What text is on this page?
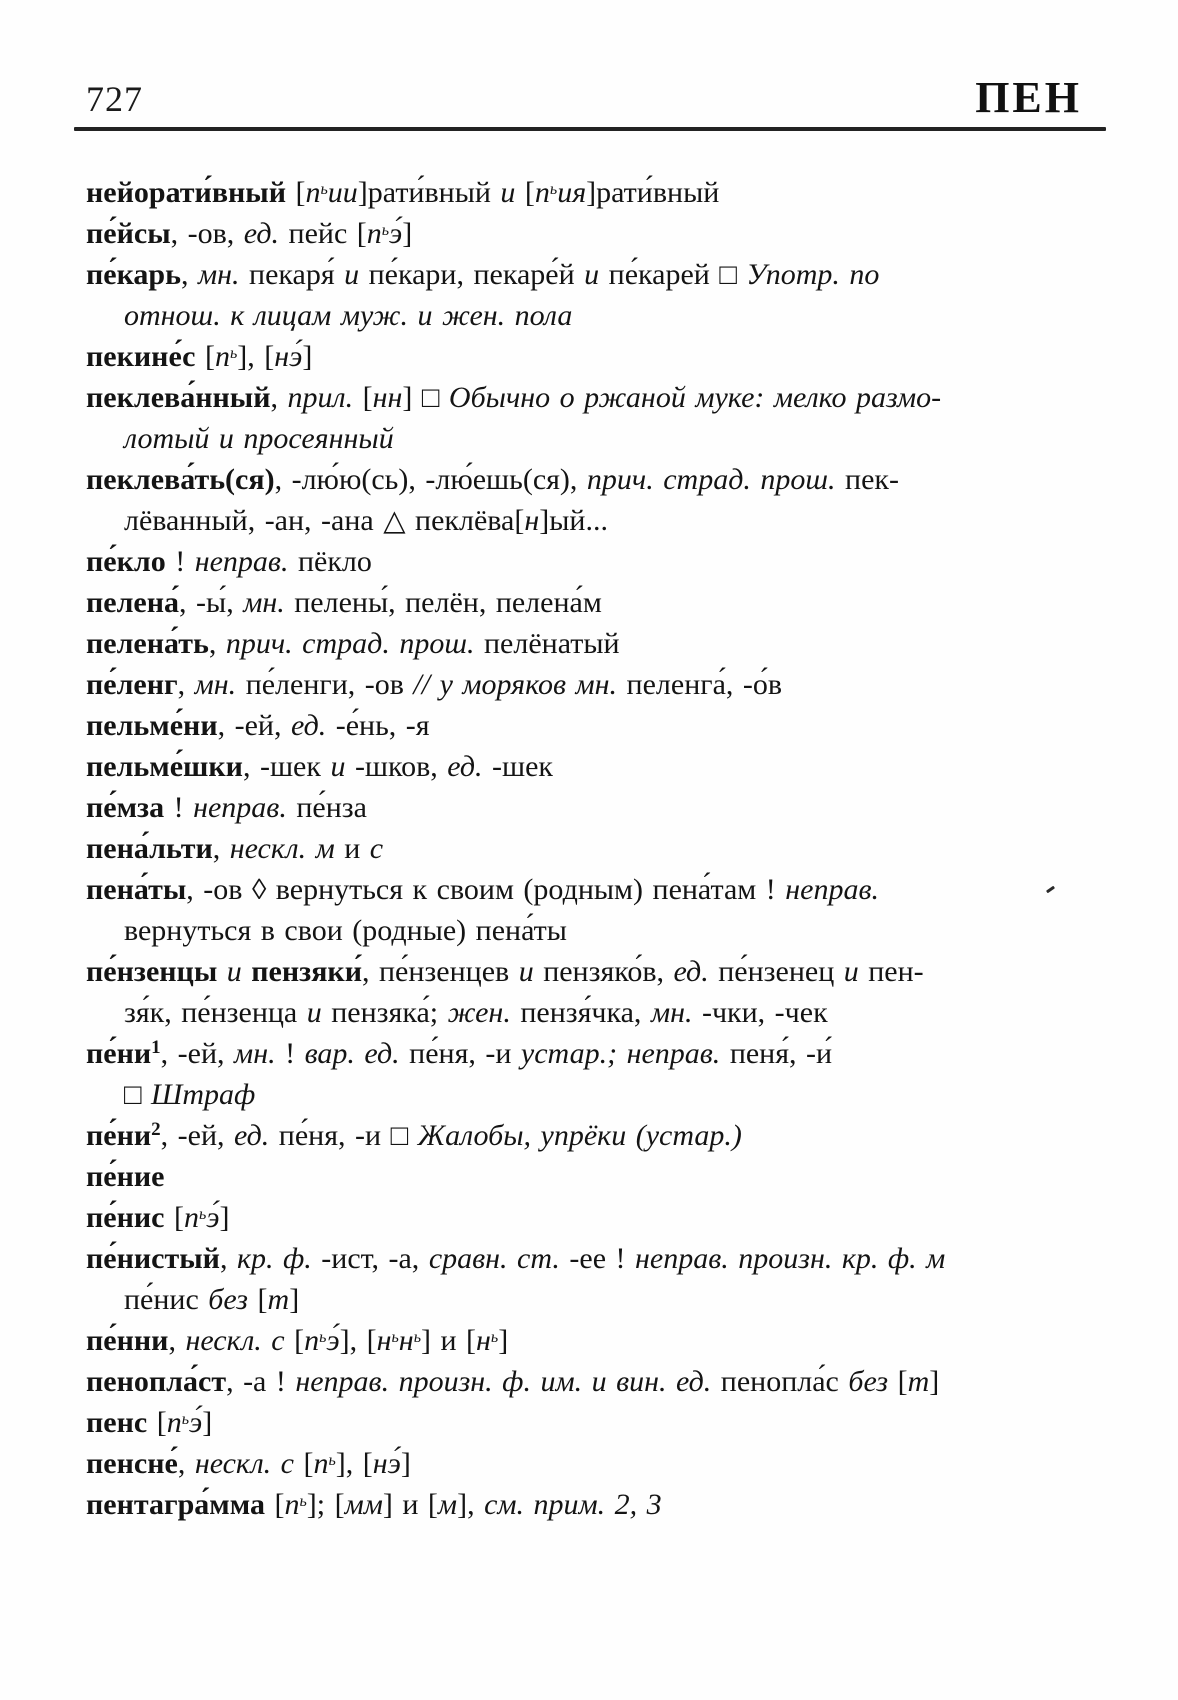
727	ПЕН
нейорати́вный $[п^ьии]рати́вный$ и $[п^ьия]рати́вный$
пе́йсы, -ов, ед. пейс $[п^ьэ́]$
пе́карь, мн. пекаря́ и пе́кари, пекаре́й и пе́карей □ Употр. по
отнош. к лицам муж. и жен. пола
пекине́с $[п^ь]$, [нэ́]
пеклева́нный, прил. [нн] □ Обычно о ржаной муке: мелко размо-
лотый и просеянный
пеклева́ть(ся), -лю́ю(сь), -лю́ешь(ся), прич. страд. прош. пек-
лёванный, -ан, -ана △ пеклёва[н]ый...
пе́кло ! неправ. пёкло
пелена́, -ы́, мн. пелены́, пелён, пелена́м
пелена́ть, прич. страд. прош. пелёнатый
пе́ленг, мн. пе́ленги, -ов // у моряков мн. пеленга́, -о́в
пельме́ни, -ей, ед. -е́нь, -я
пельме́шки, -шек и -шков, ед. -шек
пе́мза ! неправ. пе́нза
пена́льти, нескл. м и с
пена́ты, -ов ◊ вернуться к своим (родным) пена́там ! неправ.
вернуться в свои (родные) пена́ты
пе́нзенцы и пензяки́, пе́нзенцев и пензяко́в, ед. пе́нзенец и пен-
зя́к, пе́нзенца и пензяка́; жен. пензя́чка, мн. -чки, -чек
$пе́ни^1$, -ей, мн. ! вар. ед. пе́ня, -и устар.; неправ. пеня́, -и́
□ Штраф
$пе́ни^2$, -ей, ед. пе́ня, -и □ Жалобы, упрёки (устар.)
пе́ние
пе́нис $[п^ьэ́]$
пе́нистый, кр. ф. -ист, -а, сравн. ст. -ее ! неправ. произн. кр. ф. м
пе́нис без [т]
пе́нни, нескл. с $[п^ьэ́]$, $[н^ьн^ь]$ и $[н^ь]$
пенопла́ст, -а ! неправ. произн. ф. им. и вин. ед. пенопла́с без [т]
пенс $[п^ьэ́]$
пенсне́, нескл. с $[п^ь]$, [нэ́]
пентагра́мма $[п^ь]$; [мм] и [м], см. прим. 2, 3
